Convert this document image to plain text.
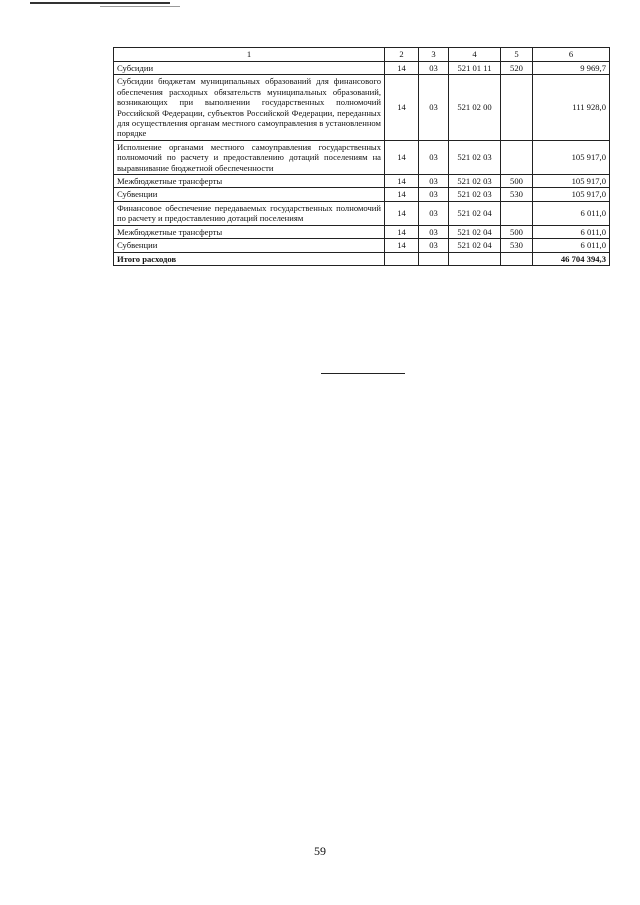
1	2	3	4	5	6
Субсидии	14	03	521 01 11	520	9 969,7
Субсидии бюджетам муниципальных образований для финансового обеспечения расходных обязательств муниципальных образований, возникающих при выполнении государственных полномочий Российской Федерации, субъектов Российской Федерации, переданных для осуществления органам местного самоуправления в установленном порядке	14	03	521 02 00		111 928,0
Исполнение органами местного самоуправления государственных полномочий по расчету и предоставлению дотаций поселениям на выравнивание бюджетной обеспеченности	14	03	521 02 03		105 917,0
Межбюджетные трансферты	14	03	521 02 03	500	105 917,0
Субвенции	14	03	521 02 03	530	105 917,0
Финансовое обеспечение передаваемых государственных полномочий по расчету и предоставлению дотаций поселениям	14	03	521 02 04		6 011,0
Межбюджетные трансферты	14	03	521 02 04	500	6 011,0
Субвенции	14	03	521 02 04	530	6 011,0
Итого расходов					46 704 394,3
59
